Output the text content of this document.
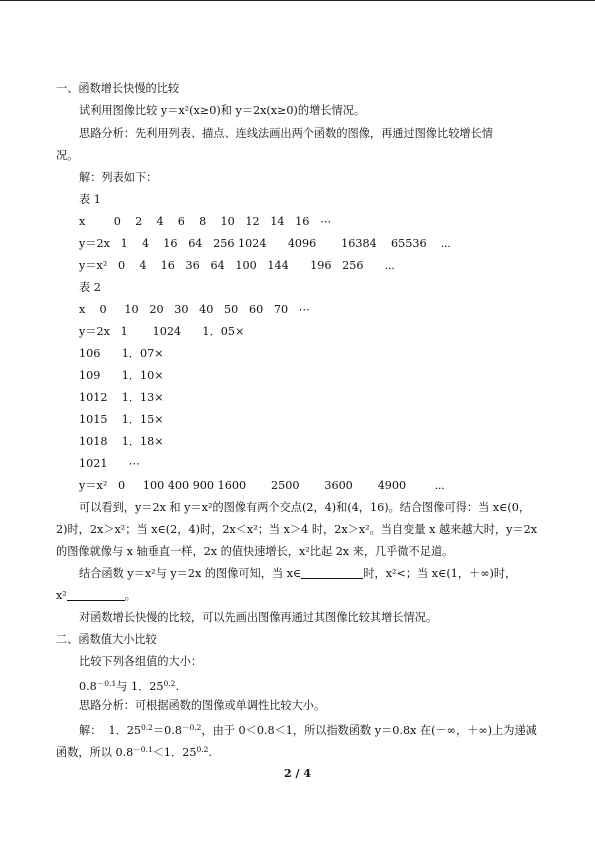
一、函数增长快慢的比较
试利用图像比较 y＝x²(x≥0)和 y＝2x(x≥0)的增长情况。
思路分析：先利用列表、描点、连线法画出两个函数的图像，再通过图像比较增长情
况。
解：列表如下：
表 1
x        0    2    4    6    8    10   12   14   16   ⋯
y＝2x   1    4    16   64   256 1024      4096       16384    65536    ⋯
y＝x²   0    4    16   36   64   100   144      196   256      ⋯
表 2
x    0     10   20   30   40   50   60   70   ⋯
y＝2x   1       1024      1．05×
106      1．07×
109      1．10×
1012    1．13×
1015    1．15×
1018    1．18×
1021      ⋯
y＝x²   0     100 400 900 1600       2500       3600       4900        ⋯
可以看到，y＝2x 和 y＝x²的图像有两个交点(2，4)和(4，16)。结合图像可得：当 x∈(0，
2)时，2x＞x²；当 x∈(2，4)时，2x＜x²；当 x＞4 时，2x＞x²。当自变量 x 越来越大时，y＝2x
的图像就像与 x 轴垂直一样，2x 的值快速增长，x²比起 2x 来，几乎微不足道。
结合函数 y＝x²与 y＝2x 的图像可知，当 x∈	时，x²<；当 x∈(1，＋∞)时，
x²	。
对函数增长快慢的比较，可以先画出图像再通过其图像比较其增长情况。
二、函数值大小比较
比较下列各组值的大小：
$0.8^{-0.1}$与 1．$25^{0.2}$.
思路分析：可根据函数的图像或单调性比较大小。
解：  1．$25^{0.2}=0.8^{-0.2}$，由于 0＜0.8＜1，所以指数函数 y＝0.8x 在(－∞，＋∞)上为递减
函数，所以 $0.8^{-0.1}<1$．$25^{0.2}$.
2 / 4
